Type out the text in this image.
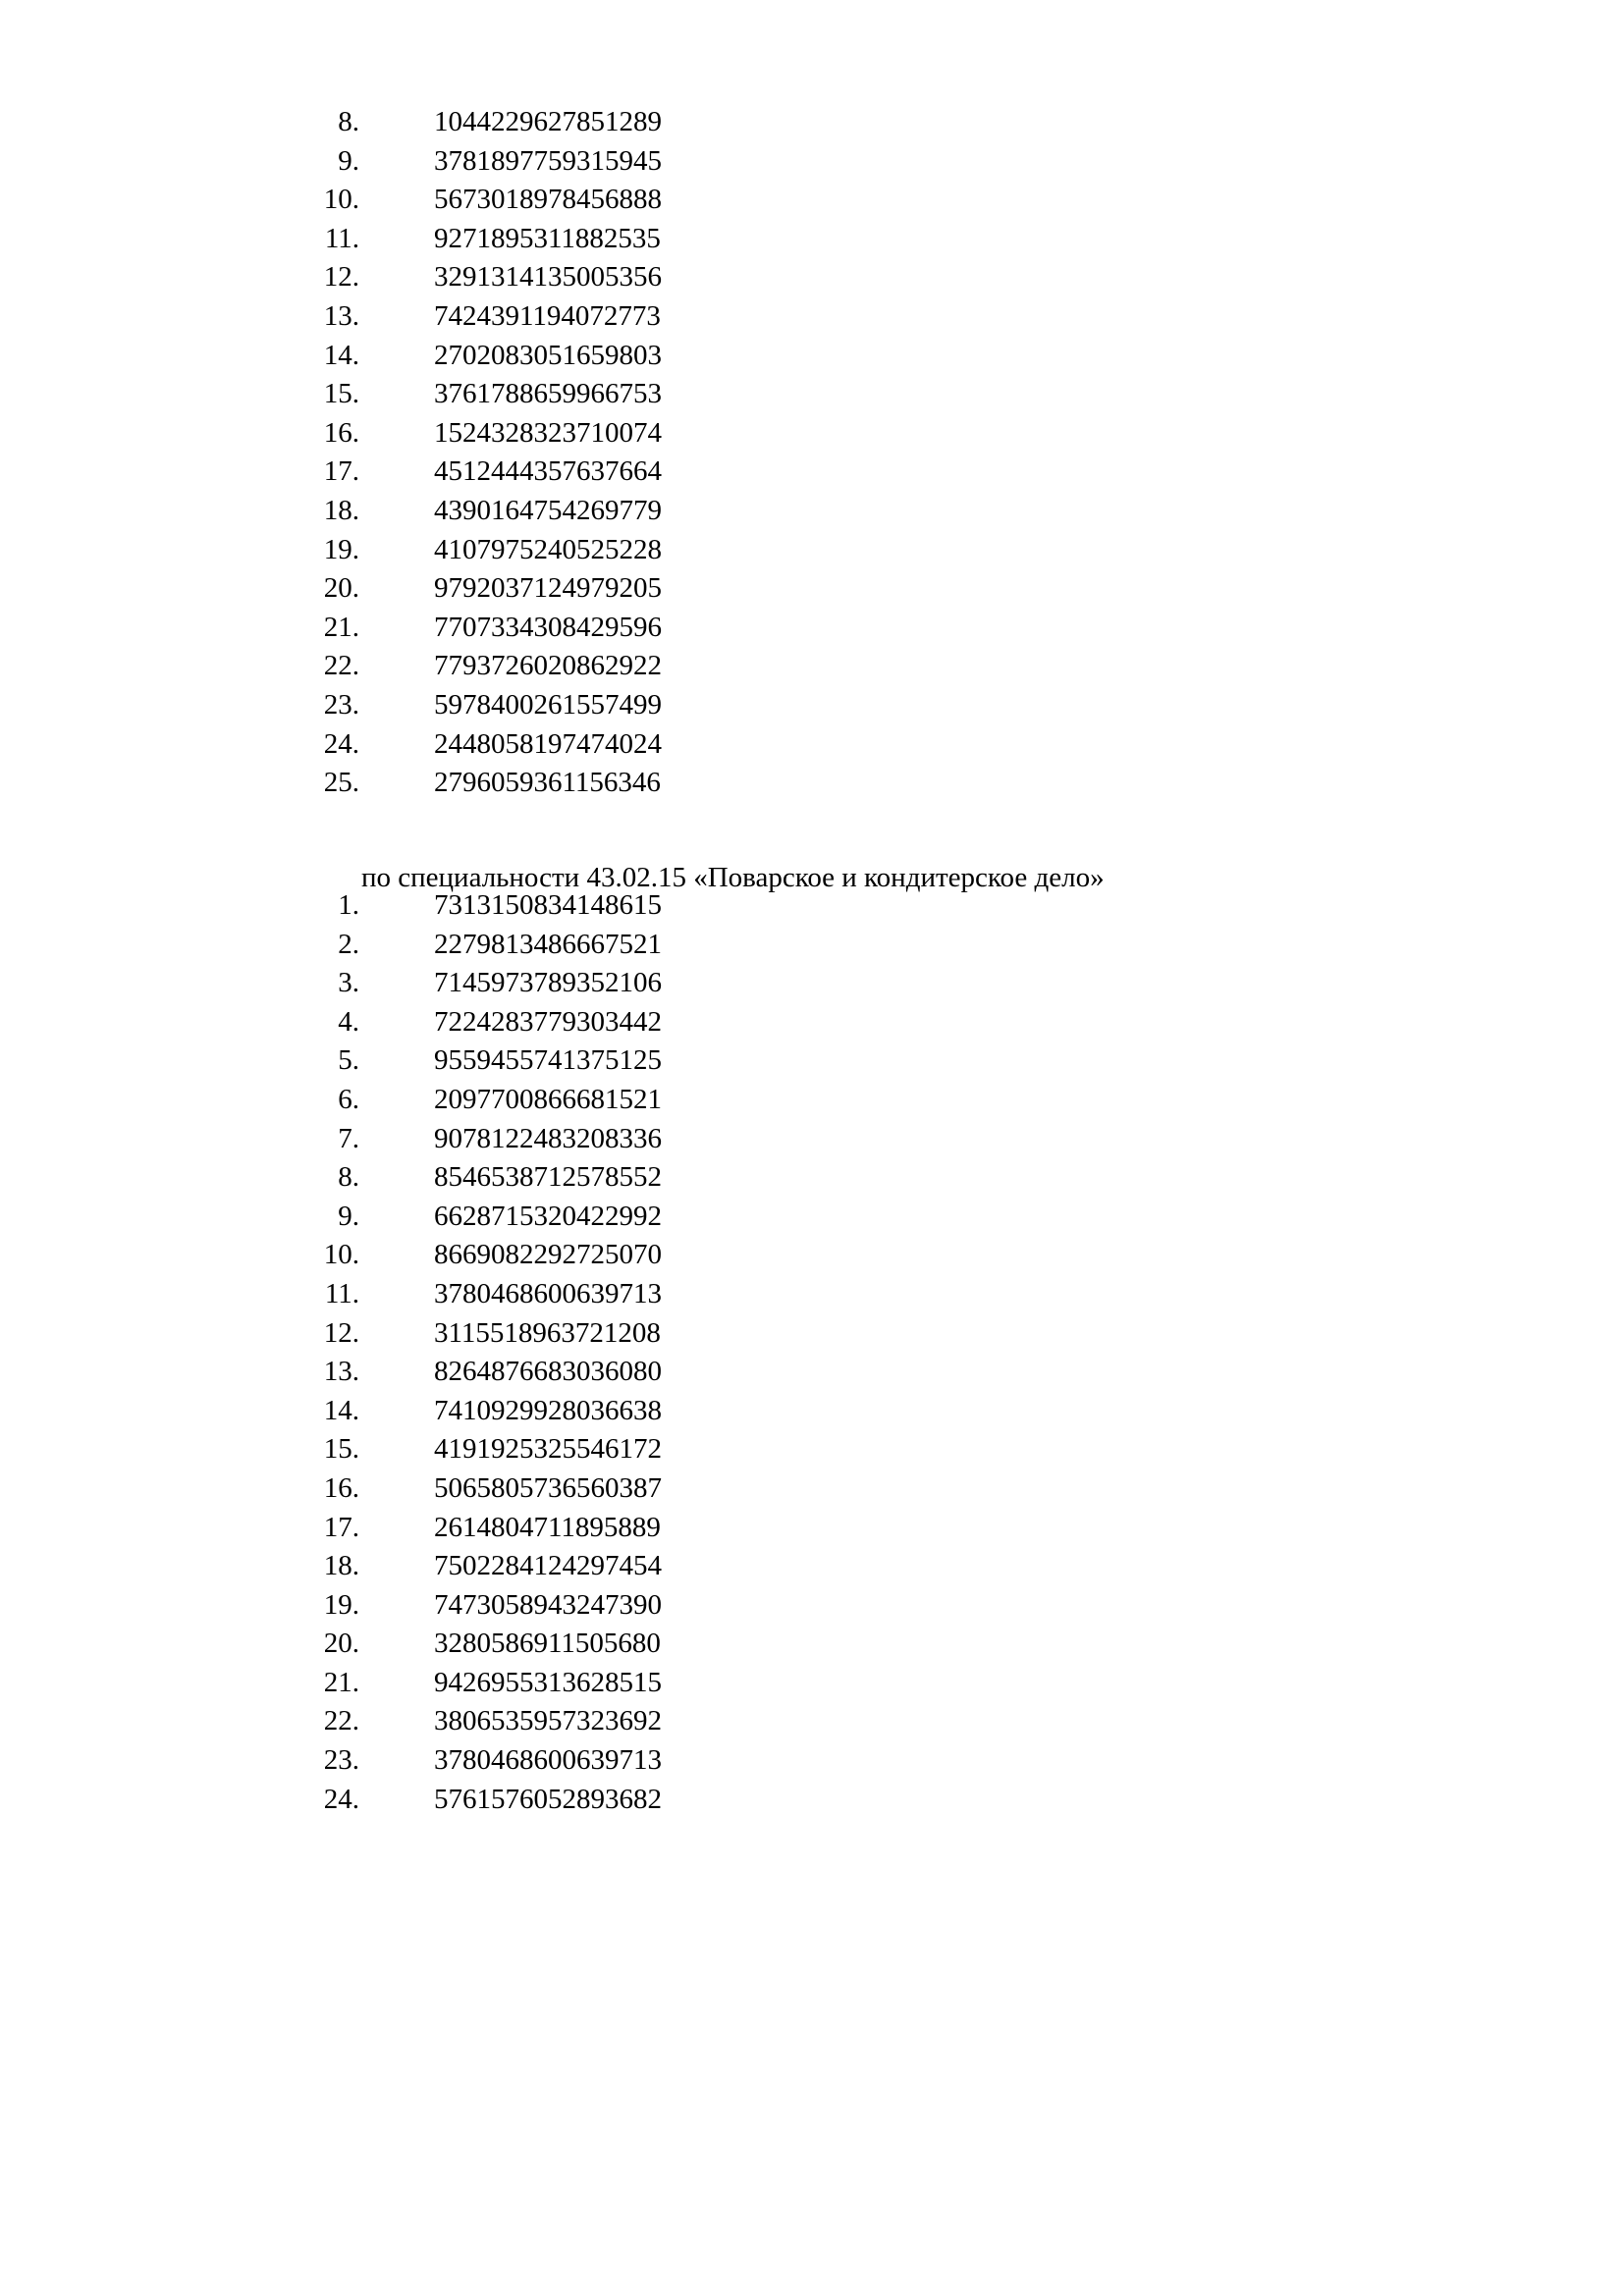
8.	1044229627851289
9.	3781897759315945
10.	5673018978456888
11.	9271895311882535
12.	3291314135005356
13.	7424391194072773
14.	2702083051659803
15.	3761788659966753
16.	1524328323710074
17.	4512444357637664
18.	4390164754269779
19.	4107975240525228
20.	9792037124979205
21.	7707334308429596
22.	7793726020862922
23.	5978400261557499
24.	2448058197474024
25.	2796059361156346
по специальности 43.02.15 «Поварское и кондитерское дело»
1.	7313150834148615
2.	2279813486667521
3.	7145973789352106
4.	7224283779303442
5.	9559455741375125
6.	2097700866681521
7.	9078122483208336
8.	8546538712578552
9.	6628715320422992
10.	8669082292725070
11.	3780468600639713
12.	3115518963721208
13.	8264876683036080
14.	7410929928036638
15.	4191925325546172
16.	5065805736560387
17.	2614804711895889
18.	7502284124297454
19.	7473058943247390
20.	3280586911505680
21.	9426955313628515
22.	3806535957323692
23.	3780468600639713
24.	5761576052893682
